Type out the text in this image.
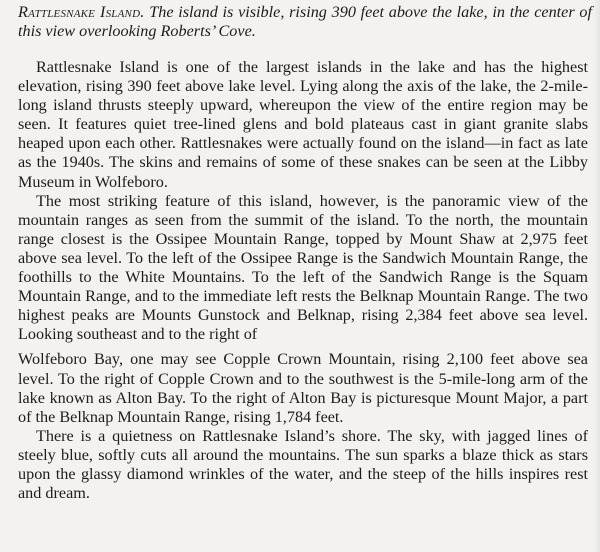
Rattlesnake Island. The island is visible, rising 390 feet above the lake, in the center of this view overlooking Roberts’ Cove.

Rattlesnake Island is one of the largest islands in the lake and has the highest elevation, rising 390 feet above lake level. Lying along the axis of the lake, the 2-mile-long island thrusts steeply upward, whereupon the view of the entire region may be seen. It features quiet tree-lined glens and bold plateaus cast in giant granite slabs heaped upon each other. Rattlesnakes were actually found on the island—in fact as late as the 1940s. The skins and remains of some of these snakes can be seen at the Libby Museum in Wolfeboro.

The most striking feature of this island, however, is the panoramic view of the mountain ranges as seen from the summit of the island. To the north, the mountain range closest is the Ossipee Mountain Range, topped by Mount Shaw at 2,975 feet above sea level. To the left of the Ossipee Range is the Sandwich Mountain Range, the foothills to the White Mountains. To the left of the Sandwich Range is the Squam Mountain Range, and to the immediate left rests the Belknap Mountain Range. The two highest peaks are Mounts Gunstock and Belknap, rising 2,384 feet above sea level. Looking southeast and to the right of

Wolfeboro Bay, one may see Copple Crown Mountain, rising 2,100 feet above sea level. To the right of Copple Crown and to the southwest is the 5-mile-long arm of the lake known as Alton Bay. To the right of Alton Bay is picturesque Mount Major, a part of the Belknap Mountain Range, rising 1,784 feet.

There is a quietness on Rattlesnake Island’s shore. The sky, with jagged lines of steely blue, softly cuts all around the mountains. The sun sparks a blaze thick as stars upon the glassy diamond wrinkles of the water, and the steep of the hills inspires rest and dream.
